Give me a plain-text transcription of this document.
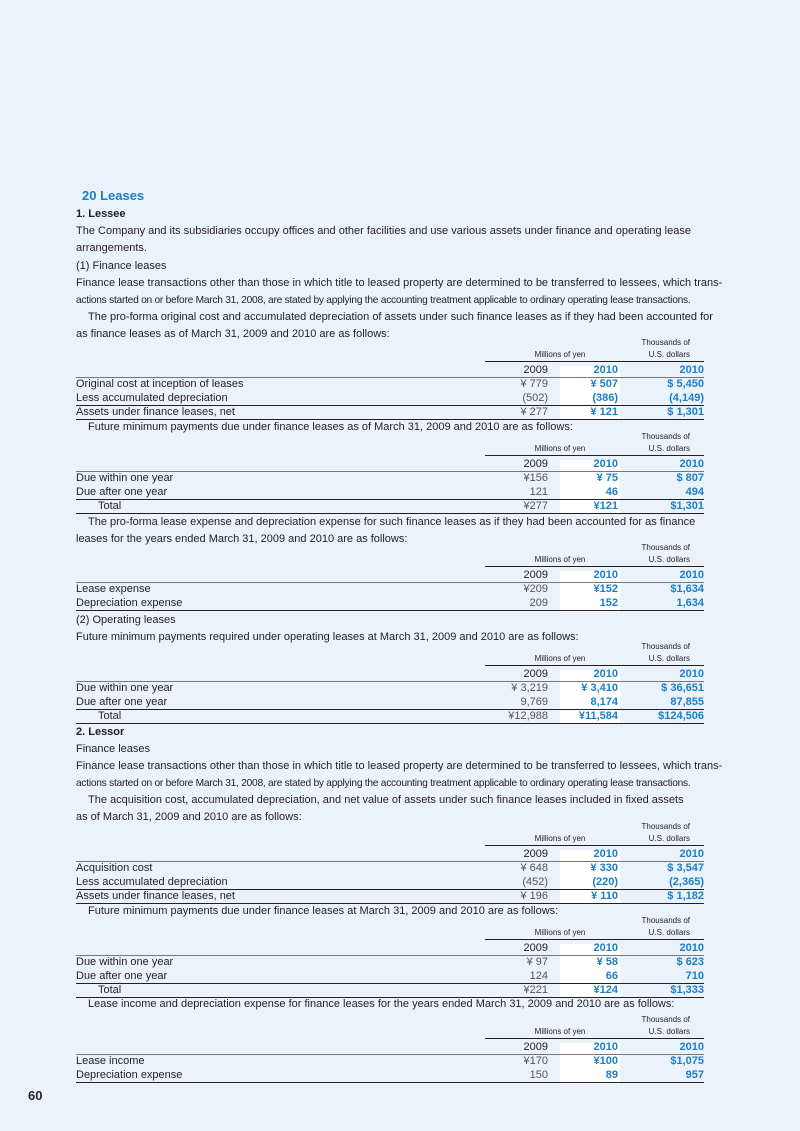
20 Leases
1. Lessee
The Company and its subsidiaries occupy offices and other facilities and use various assets under finance and operating lease
arrangements.
(1) Finance leases
Finance lease transactions other than those in which title to leased property are determined to be transferred to lessees, which trans-
actions started on or before March 31, 2008, are stated by applying the accounting treatment applicable to ordinary operating lease transactions.
The pro-forma original cost and accumulated depreciation of assets under such finance leases as if they had been accounted for
as finance leases as of March 31, 2009 and 2010 are as follows:
Thousands of
U.S. dollars
Millions of yen
2009	2010	2010
Original cost at inception of leases	¥ 779	¥ 507	$ 5,450
Less accumulated depreciation	(502)	(386)	(4,149)
Assets under finance leases, net	¥ 277	¥ 121	$ 1,301
Future minimum payments due under finance leases as of March 31, 2009 and 2010 are as follows:
Thousands of
U.S. dollars
Millions of yen
2009	2010	2010
Due within one year	¥156	¥ 75	$ 807
Due after one year	121	46	494
Total	¥277	¥121	$1,301
The pro-forma lease expense and depreciation expense for such finance leases as if they had been accounted for as finance
leases for the years ended March 31, 2009 and 2010 are as follows:
Thousands of
U.S. dollars
Millions of yen
2009	2010	2010
Lease expense	¥209	¥152	$1,634
Depreciation expense	209	152	1,634
(2) Operating leases
Future minimum payments required under operating leases at March 31, 2009 and 2010 are as follows:
Thousands of
U.S. dollars
Millions of yen
2009	2010	2010
Due within one year	¥ 3,219	¥ 3,410	$ 36,651
Due after one year	9,769	8,174	87,855
Total	¥12,988	¥11,584	$124,506
2. Lessor
Finance leases
Finance lease transactions other than those in which title to leased property are determined to be transferred to lessees, which trans-
actions started on or before March 31, 2008, are stated by applying the accounting treatment applicable to ordinary operating lease transactions.
The acquisition cost, accumulated depreciation, and net value of assets under such finance leases included in fixed assets
as of March 31, 2009 and 2010 are as follows:
Thousands of
U.S. dollars
Millions of yen
2009	2010	2010
Acquisition cost	¥ 648	¥ 330	$ 3,547
Less accumulated depreciation	(452)	(220)	(2,365)
Assets under finance leases, net	¥ 196	¥ 110	$ 1,182
Future minimum payments due under finance leases at March 31, 2009 and 2010 are as follows:
Thousands of
U.S. dollars
Millions of yen
2009	2010	2010
Due within one year	¥ 97	¥ 58	$ 623
Due after one year	124	66	710
Total	¥221	¥124	$1,333
Lease income and depreciation expense for finance leases for the years ended March 31, 2009 and 2010 are as follows:
Thousands of
U.S. dollars
Millions of yen
2009	2010	2010
Lease income	¥170	¥100	$1,075
Depreciation expense	150	89	957
60
